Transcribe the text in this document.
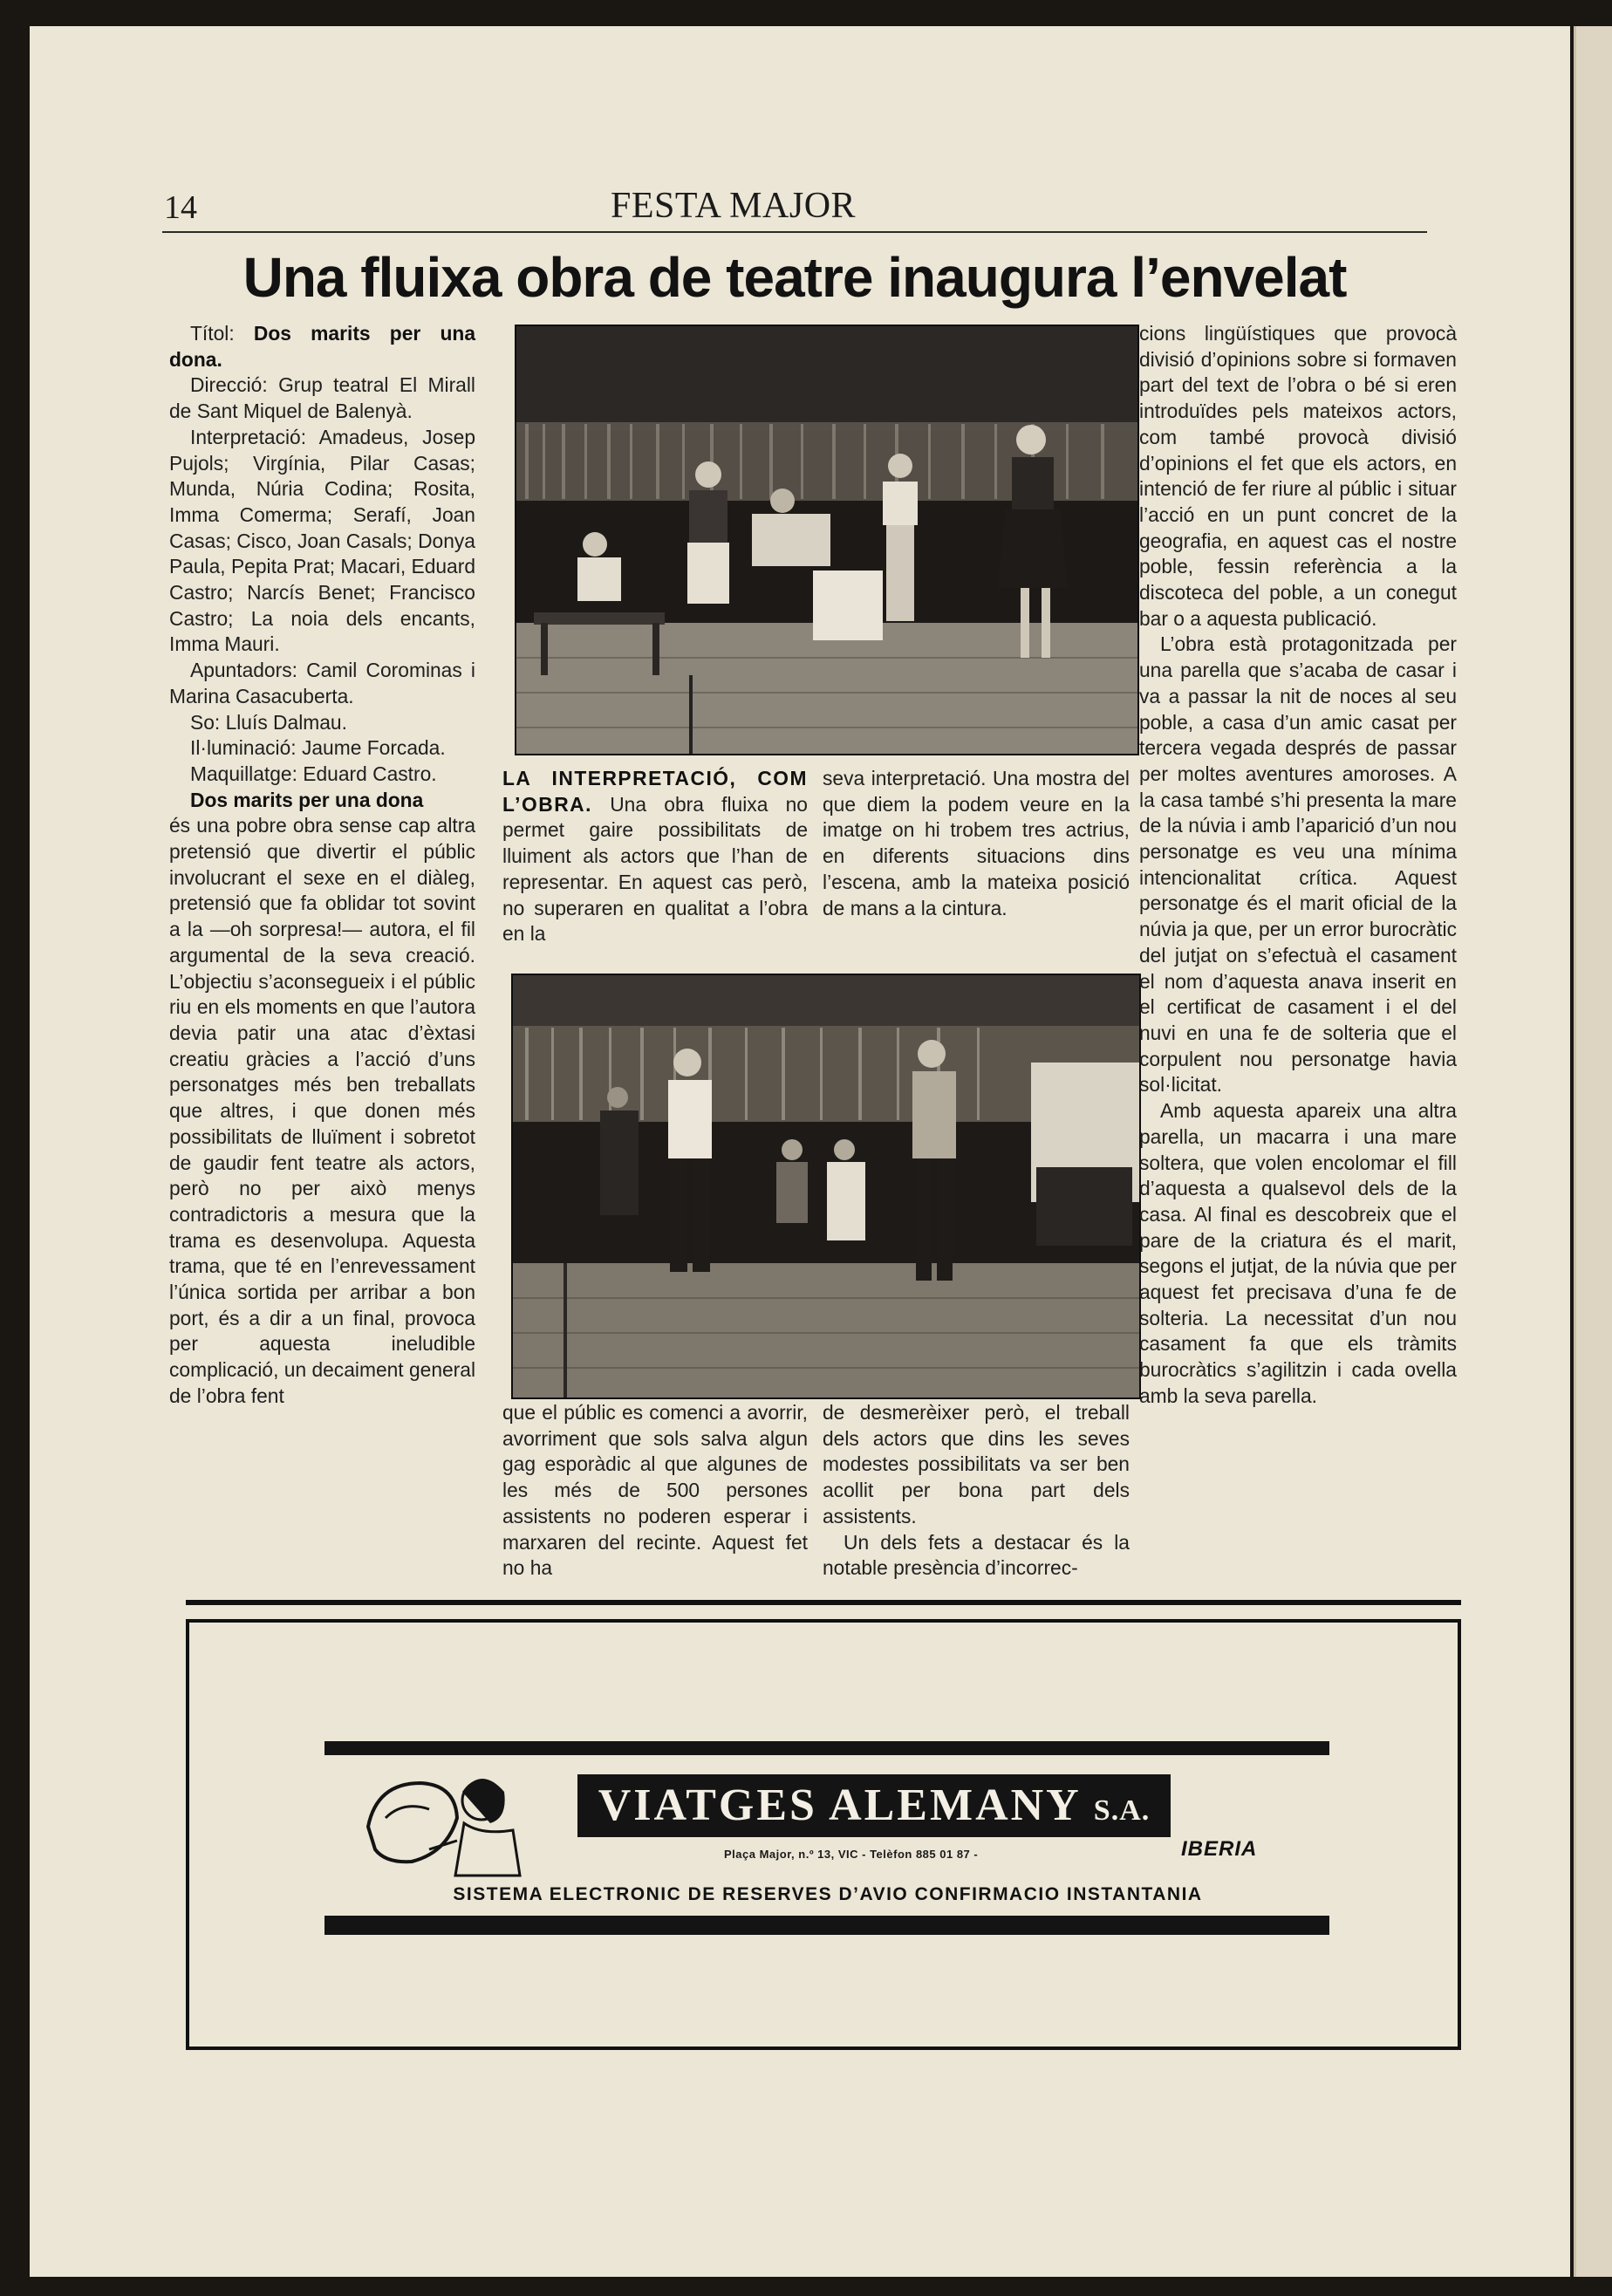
14	FESTA MAJOR
Una fluixa obra de teatre inaugura l’envelat

Títol: Dos marits per una dona.

Direcció: Grup teatral El Mirall de Sant Miquel de Balenyà.

Interpretació: Amadeus, Josep Pujols; Virgínia, Pilar Casas; Munda, Núria Codina; Rosita, Imma Comerma; Serafí, Joan Casas; Cisco, Joan Casals; Donya Paula, Pepita Prat; Macari, Eduard Castro; Narcís Benet; Francisco Castro; La noia dels encants, Imma Mauri.

Apuntadors: Camil Corominas i Marina Casacuberta.

So: Lluís Dalmau.

Il·luminació: Jaume Forcada.

Maquillatge: Eduard Castro.

Dos marits per una dona

és una pobre obra sense cap altra pretensió que divertir el públic involucrant el sexe en el diàleg, pretensió que fa oblidar tot sovint a la —oh sorpresa!— autora, el fil argumental de la seva creació. L’objectiu s’aconsegueix i el públic riu en els moments en que l’autora devia patir una atac d’èxtasi creatiu gràcies a l’acció d’uns personatges més ben treballats que altres, i que donen més possibilitats de lluïment i sobretot de gaudir fent teatre als actors, però no per això menys contradictoris a mesura que la trama es desenvolupa. Aquesta trama, que té en l’enrevessament l’única sortida per arribar a bon port, és a dir a un final, provoca per aquesta ineludible complicació, un decaiment general de l’obra fent

LA INTERPRETACIÓ, COM L’OBRA. Una obra fluixa no permet gaire possibilitats de lluiment als actors que l’han de representar. En aquest cas però, no superaren en qualitat a l’obra en la

seva interpretació. Una mostra del que diem la podem veure en la imatge on hi trobem tres actrius, en diferents situacions dins l’escena, amb la mateixa posició de mans a la cintura.

que el públic es comenci a avorrir, avorriment que sols salva algun gag esporàdic al que algunes de les més de 500 persones assistents no poderen esperar i marxaren del recinte. Aquest fet no ha

de desmerèixer però, el treball dels actors que dins les seves modestes possibilitats va ser ben acollit per bona part dels assistents.

Un dels fets a destacar és la notable presència d’incorrec-

cions lingüístiques que provocà divisió d’opinions sobre si formaven part del text de l’obra o bé si eren introduïdes pels mateixos actors, com també provocà divisió d’opinions el fet que els actors, en intenció de fer riure al públic i situar l’acció en un punt concret de la geografia, en aquest cas el nostre poble, fessin referència a la discoteca del poble, a un conegut bar o a aquesta publicació.

L’obra està protagonitzada per una parella que s’acaba de casar i va a passar la nit de noces al seu poble, a casa d’un amic casat per tercera vegada després de passar per moltes aventures amoroses. A la casa també s’hi presenta la mare de la núvia i amb l’aparició d’un nou personatge es veu una mínima intencionalitat crítica. Aquest personatge és el marit oficial de la núvia ja que, per un error burocràtic del jutjat on s’efectuà el casament el nom d’aquesta anava inserit en el certificat de casament i el del nuvi en una fe de solteria que el corpulent nou personatge havia sol·licitat.

Amb aquesta apareix una altra parella, un macarra i una mare soltera, que volen encolomar el fill d’aquesta a qualsevol dels de la casa. Al final es descobreix que el pare de la criatura és el marit, segons el jutjat, de la núvia que per aquest fet precisava d’una fe de solteria. La necessitat d’un nou casament fa que els tràmits burocràtics s’agilitzin i cada ovella amb la seva parella.

VIATGES ALEMANY S.A.
Plaça Major, n.º 13, VIC - Telèfon 885 01 87 -	IBERIA
SISTEMA ELECTRONIC DE RESERVES D’AVIO CONFIRMACIO INSTANTANIA
